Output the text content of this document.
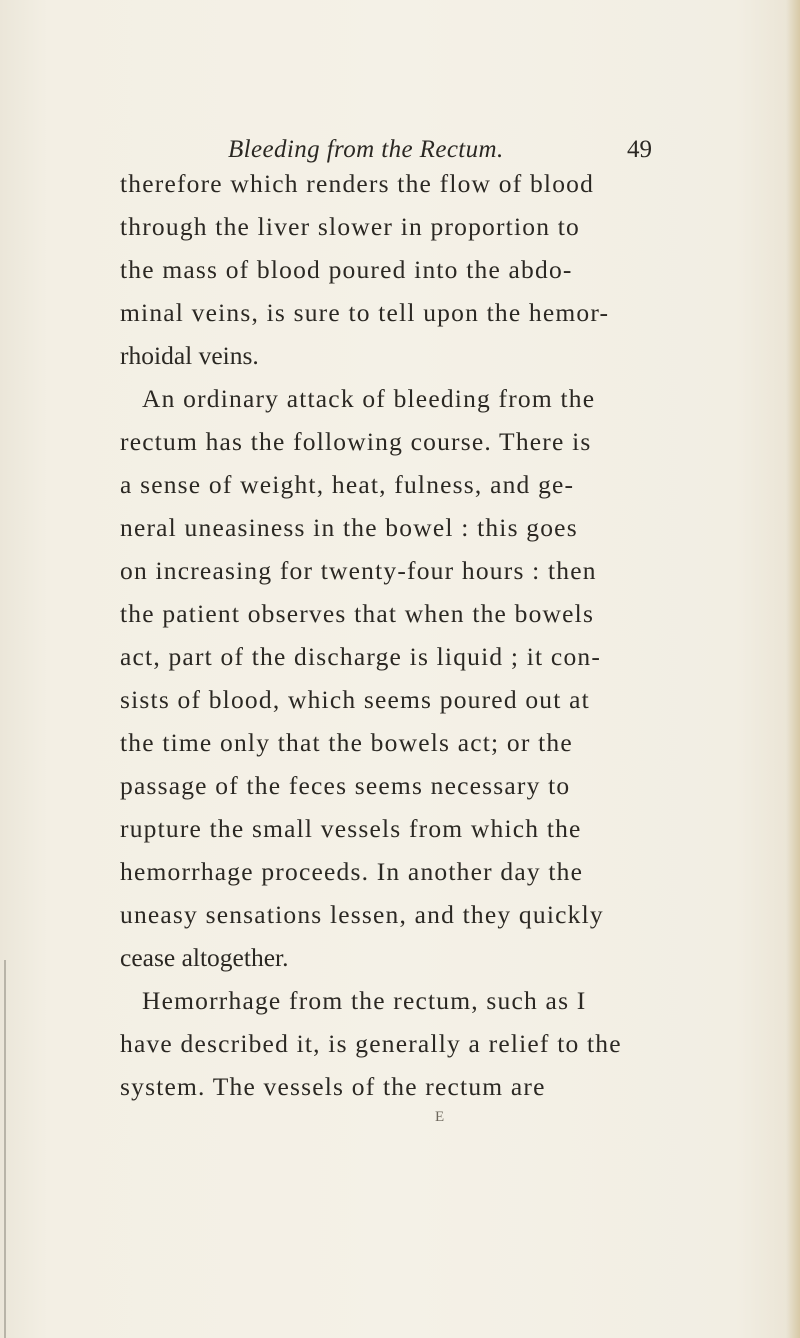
Bleeding from the Rectum.	49
therefore which renders the flow of blood
through the liver slower in proportion to
the mass of blood poured into the abdo-
minal veins, is sure to tell upon the hemor-
rhoidal veins.
An ordinary attack of bleeding from the
rectum has the following course. There is
a sense of weight, heat, fulness, and ge-
neral uneasiness in the bowel : this goes
on increasing for twenty-four hours : then
the patient observes that when the bowels
act, part of the discharge is liquid ; it con-
sists of blood, which seems poured out at
the time only that the bowels act; or the
passage of the feces seems necessary to
rupture the small vessels from which the
hemorrhage proceeds. In another day the
uneasy sensations lessen, and they quickly
cease altogether.
Hemorrhage from the rectum, such as I
have described it, is generally a relief to the
system. The vessels of the rectum are
E
